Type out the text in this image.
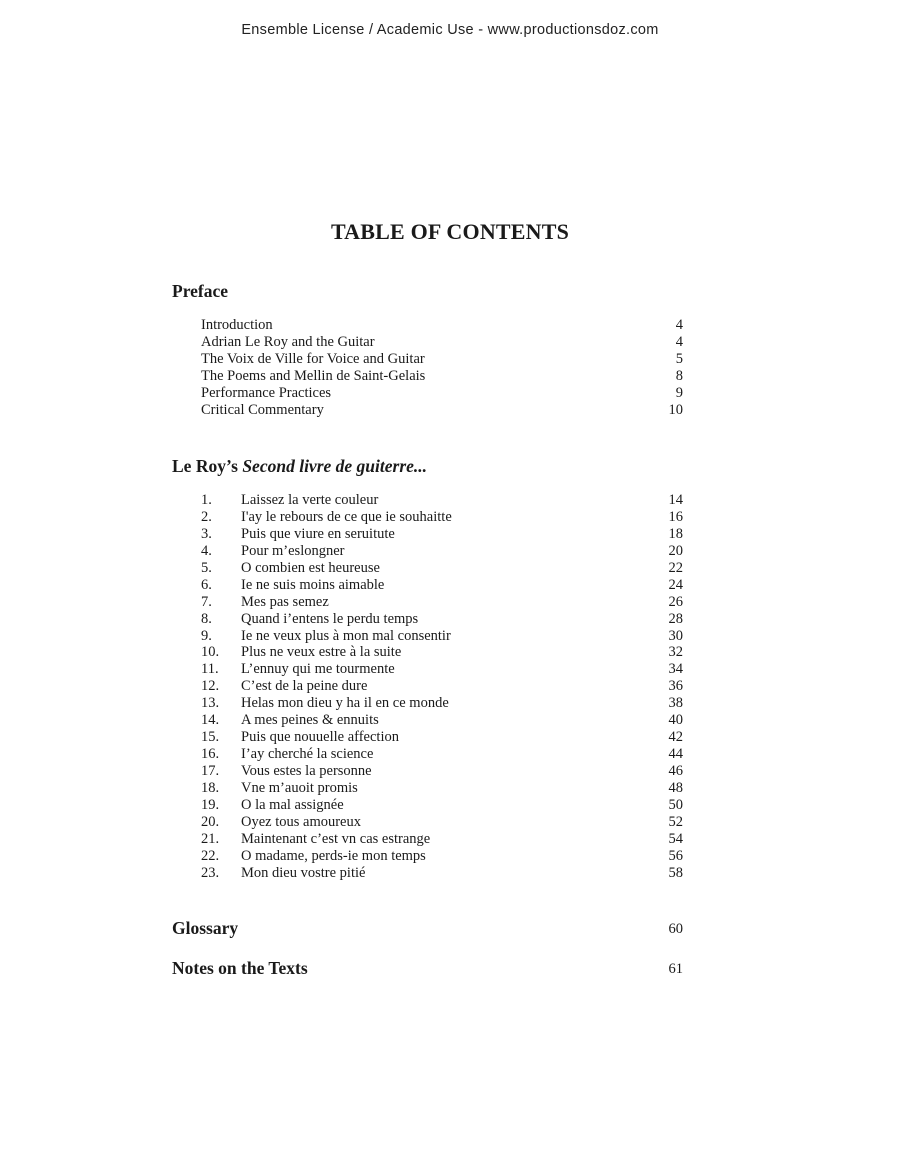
Ensemble License / Academic Use - www.productionsdoz.com
TABLE OF CONTENTS
Preface
Introduction	4
Adrian Le Roy and the Guitar	4
The Voix de Ville for Voice and Guitar	5
The Poems and Mellin de Saint-Gelais	8
Performance Practices	9
Critical Commentary	10
Le Roy’s Second livre de guiterre...
1. Laissez la verte couleur	14
2. I'ay le rebours de ce que ie souhaitte	16
3. Puis que viure en seruitute	18
4. Pour m’eslongner	20
5. O combien est heureuse	22
6. Ie ne suis moins aimable	24
7. Mes pas semez	26
8. Quand i’entens le perdu temps	28
9. Ie ne veux plus à mon mal consentir	30
10. Plus ne veux estre à la suite	32
11. L’ennuy qui me tourmente	34
12. C’est de la peine dure	36
13. Helas mon dieu y ha il en ce monde	38
14. A mes peines & ennuits	40
15. Puis que nouuelle affection	42
16. I’ay cherché la science	44
17. Vous estes la personne	46
18. Vne m’auoit promis	48
19. O la mal assignée	50
20. Oyez tous amoureux	52
21. Maintenant c’est vn cas estrange	54
22. O madame, perds-ie mon temps	56
23. Mon dieu vostre pitié	58
Glossary	60
Notes on the Texts	61
